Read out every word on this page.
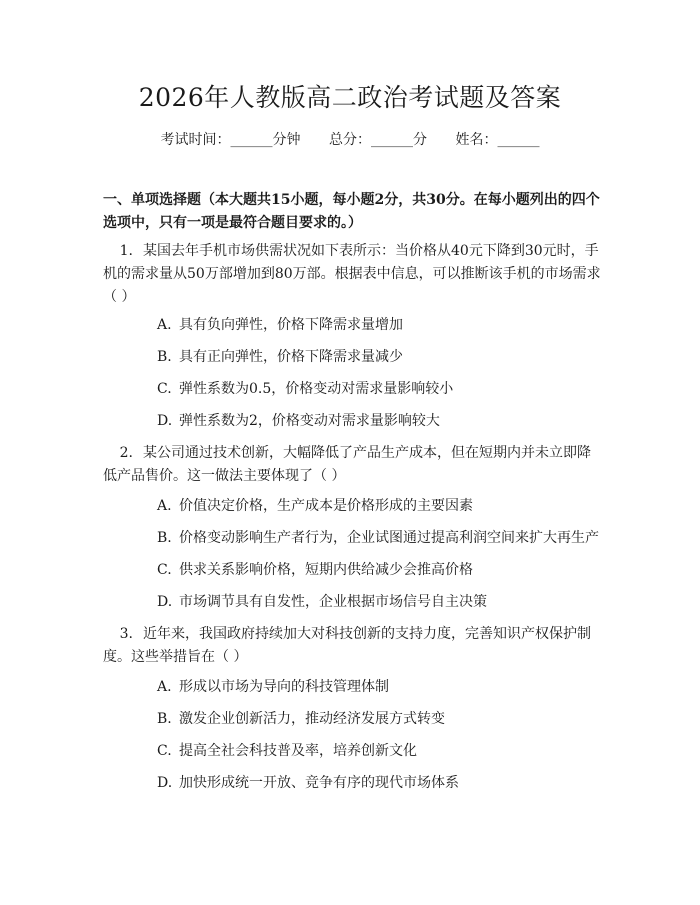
2026年人教版高二政治考试题及答案
考试时间：______分钟 总分：______分 姓名：______
一、单项选择题（本大题共15小题，每小题2分，共30分。在每小题列出的四个选项中，只有一项是最符合题目要求的。）
1. 某国去年手机市场供需状况如下表所示：当价格从40元下降到30元时，手机的需求量从50万部增加到80万部。根据表中信息，可以推断该手机的市场需求（ ）
A. 具有负向弹性，价格下降需求量增加
B. 具有正向弹性，价格下降需求量减少
C. 弹性系数为0.5，价格变动对需求量影响较小
D. 弹性系数为2，价格变动对需求量影响较大
2. 某公司通过技术创新，大幅降低了产品生产成本，但在短期内并未立即降低产品售价。这一做法主要体现了（ ）
A. 价值决定价格，生产成本是价格形成的主要因素
B. 价格变动影响生产者行为，企业试图通过提高利润空间来扩大再生产
C. 供求关系影响价格，短期内供给减少会推高价格
D. 市场调节具有自发性，企业根据市场信号自主决策
3. 近年来，我国政府持续加大对科技创新的支持力度，完善知识产权保护制度。这些举措旨在（ ）
A. 形成以市场为导向的科技管理体制
B. 激发企业创新活力，推动经济发展方式转变
C. 提高全社会科技普及率，培养创新文化
D. 加快形成统一开放、竞争有序的现代市场体系
